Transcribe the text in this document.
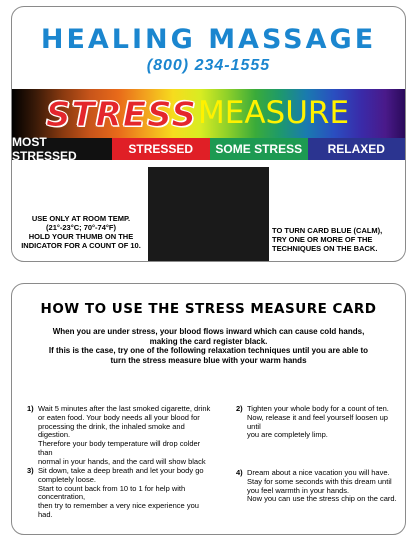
HEALING MASSAGE
(800) 234-1555
STRESS MEASURE
MOST STRESSED	STRESSED	SOME STRESS	RELAXED
USE ONLY AT ROOM TEMP.
(21°-23°C; 70°-74°F)
HOLD YOUR THUMB ON THE
INDICATOR FOR A COUNT OF 10.
TO TURN CARD BLUE (CALM),
TRY ONE OR MORE OF THE
TECHNIQUES ON THE BACK.
HOW TO USE THE STRESS MEASURE CARD
When you are under stress, your blood flows inward which can cause cold hands,
making the card register black.
If this is the case, try one of the following relaxation techniques until you are able to
turn the stress measure blue with your warm hands
1) Wait 5 minutes after the last smoked cigarette, drink
or eaten food. Your body needs all your blood for
processing the drink, the inhaled smoke and digestion.
Therefore your body temperature will drop colder than
normal in your hands, and the card will show black
2) Tighten your whole body for a count of ten.
Now, release it and feel yourself loosen up until
you are completely limp.
3) Sit down, take a deep breath and let your body go
completely loose.
Start to count back from 10 to 1 for help with concentration,
then try to remember a very nice experience you had.
4) Dream about a nice vacation you will have.
Stay for some seconds with this dream until
you feel warmth in your hands.
Now you can use the stress chip on the card.
